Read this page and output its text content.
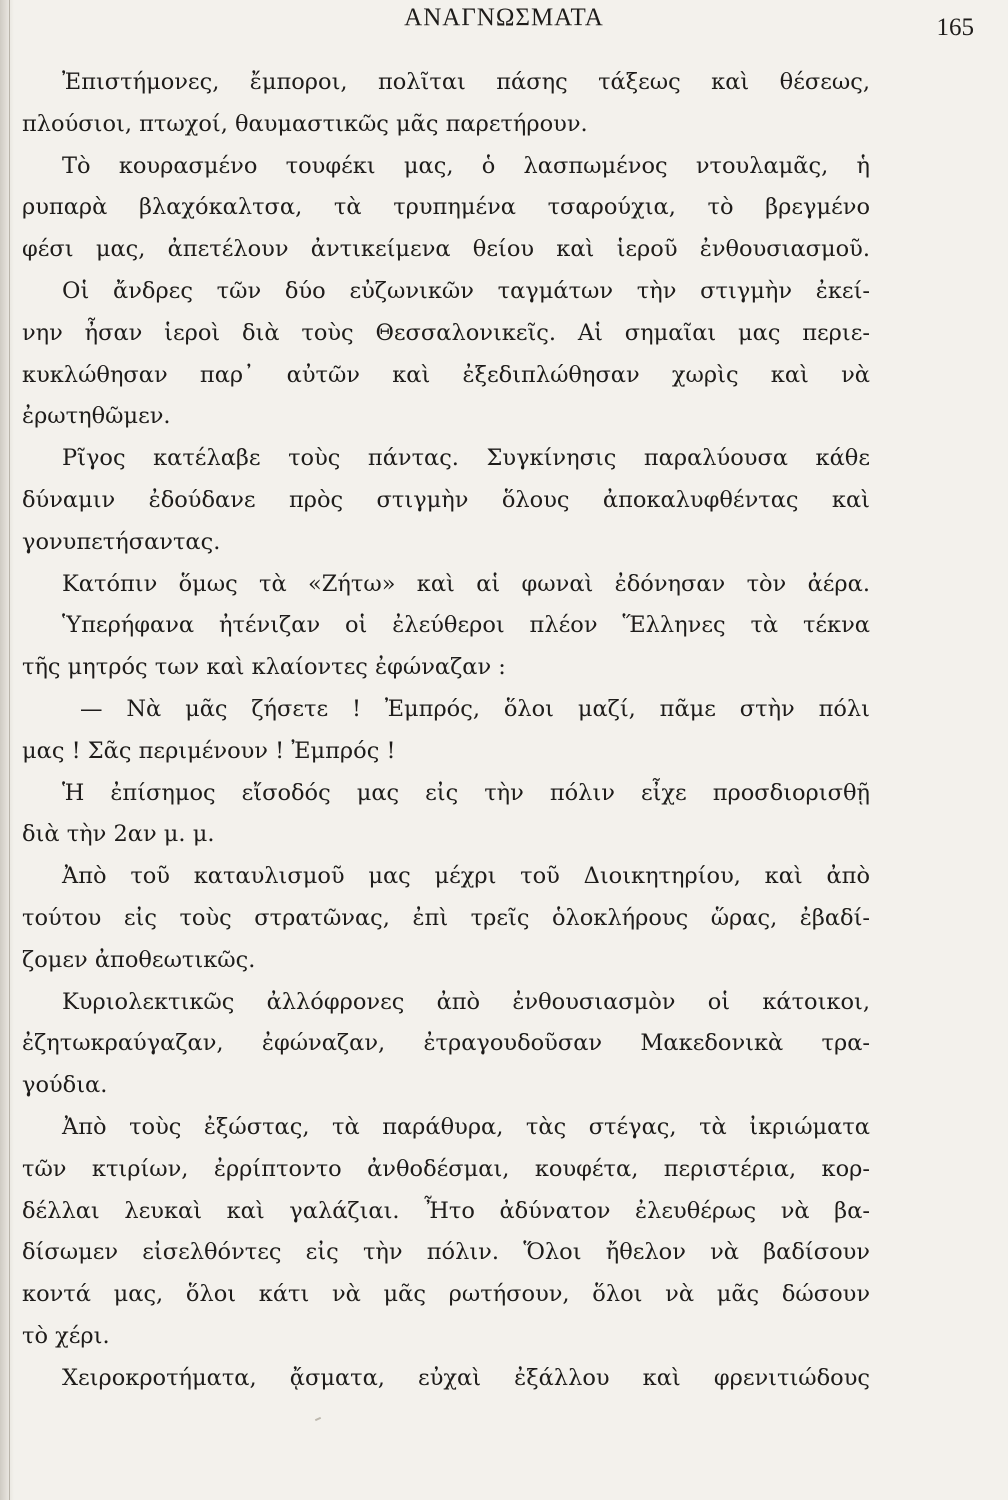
ΑΝΑΓΝΩΣΜΑΤΑ	165
Ἐπιστήμονες, ἔμποροι, πολῖται πάσης τάξεως καὶ θέσεως,
πλούσιοι, πτωχοί, θαυμαστικῶς μᾶς παρετήρουν.
Τὸ κουρασμένο τουφέκι μας, ὁ λασπωμένος ντουλαμᾶς, ἡ
ρυπαρὰ βλαχόκαλτσα, τὰ τρυπημένα τσαρούχια, τὸ βρεγμένο
φέσι μας, ἀπετέλουν ἀντικείμενα θείου καὶ ἱεροῦ ἐνθουσιασμοῦ.
Οἱ ἄνδρες τῶν δύο εὐζωνικῶν ταγμάτων τὴν στιγμὴν ἐκεί-
νην ἦσαν ἱεροὶ διὰ τοὺς Θεσσαλονικεῖς. Αἱ σημαῖαι μας περιε-
κυκλώθησαν παρ᾽ αὐτῶν καὶ ἐξεδιπλώθησαν χωρὶς καὶ νὰ
ἐρωτηθῶμεν.
Ρῖγος κατέλαβε τοὺς πάντας. Συγκίνησις παραλύουσα κάθε
δύναμιν ἐδούδανε πρὸς στιγμὴν ὅλους ἀποκαλυφθέντας καὶ
γονυπετήσαντας.
Κατόπιν ὅμως τὰ «Ζήτω» καὶ αἱ φωναὶ ἐδόνησαν τὸν ἀέρα.
Ὑπερήφανα ἠτένιζαν οἱ ἐλεύθεροι πλέον Ἕλληνες τὰ τέκνα
τῆς μητρός των καὶ κλαίοντες ἐφώναζαν :
— Νὰ μᾶς ζήσετε ! Ἐμπρός, ὅλοι μαζί, πᾶμε στὴν πόλι
μας ! Σᾶς περιμένουν ! Ἐμπρός !
Ἡ ἐπίσημος εἴσοδός μας εἰς τὴν πόλιν εἶχε προσδιορισθῇ
διὰ τὴν 2αν μ. μ.
Ἀπὸ τοῦ καταυλισμοῦ μας μέχρι τοῦ Διοικητηρίου, καὶ ἀπὸ
τούτου εἰς τοὺς στρατῶνας, ἐπὶ τρεῖς ὁλοκλήρους ὥρας, ἐβαδί-
ζομεν ἀποθεωτικῶς.
Κυριολεκτικῶς ἀλλόφρονες ἀπὸ ἐνθουσιασμὸν οἱ κάτοικοι,
ἐζητωκραύγαζαν, ἐφώναζαν, ἐτραγουδοῦσαν Μακεδονικὰ τρα-
γούδια.
Ἀπὸ τοὺς ἐξώστας, τὰ παράθυρα, τὰς στέγας, τὰ ἰκριώματα
τῶν κτιρίων, ἐρρίπτοντο ἀνθοδέσμαι, κουφέτα, περιστέρια, κορ-
δέλλαι λευκαὶ καὶ γαλάζιαι. Ἦτο ἀδύνατον ἐλευθέρως νὰ βα-
δίσωμεν εἰσελθόντες εἰς τὴν πόλιν. Ὅλοι ἤθελον νὰ βαδίσουν
κοντά μας, ὅλοι κάτι νὰ μᾶς ρωτήσουν, ὅλοι νὰ μᾶς δώσουν
τὸ χέρι.
Χειροκροτήματα, ᾄσματα, εὐχαὶ ἐξάλλου καὶ φρενιτιώδους
